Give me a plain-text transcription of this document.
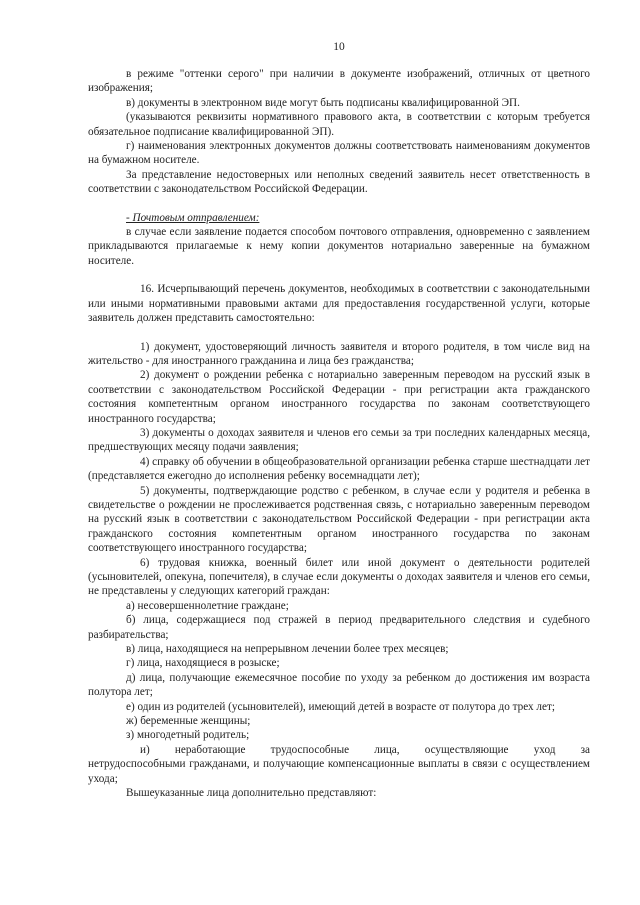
10

в режиме "оттенки серого" при наличии в документе изображений, отличных от цветного изображения;

в) документы в электронном виде могут быть подписаны квалифицированной ЭП.

(указываются реквизиты нормативного правового акта, в соответствии с которым требуется обязательное подписание квалифицированной ЭП).

г) наименования электронных документов должны соответствовать наименованиям документов на бумажном носителе.

За представление недостоверных или неполных сведений заявитель несет ответственность в соответствии с законодательством Российской Федерации.

- Почтовым отправлением:

в случае если заявление подается способом почтового отправления, одновременно с заявлением прикладываются прилагаемые к нему копии документов нотариально заверенные на бумажном носителе.

16. Исчерпывающий перечень документов, необходимых в соответствии с законодательными или иными нормативными правовыми актами для предоставления государственной услуги, которые заявитель должен представить самостоятельно:

1) документ, удостоверяющий личность заявителя и второго родителя, в том числе вид на жительство - для иностранного гражданина и лица без гражданства;

2) документ о рождении ребенка с нотариально заверенным переводом на русский язык в соответствии с законодательством Российской Федерации - при регистрации акта гражданского состояния компетентным органом иностранного государства по законам соответствующего иностранного государства;

3) документы о доходах заявителя и членов его семьи за три последних календарных месяца, предшествующих месяцу подачи заявления;

4) справку об обучении в общеобразовательной организации ребенка старше шестнадцати лет (представляется ежегодно до исполнения ребенку восемнадцати лет);

5) документы, подтверждающие родство с ребенком, в случае если у родителя и ребенка в свидетельстве о рождении не прослеживается родственная связь, с нотариально заверенным переводом на русский язык в соответствии с законодательством Российской Федерации - при регистрации акта гражданского состояния компетентным органом иностранного государства по законам соответствующего иностранного государства;

6) трудовая книжка, военный билет или иной документ о деятельности родителей (усыновителей, опекуна, попечителя), в случае если документы о доходах заявителя и членов его семьи, не представлены у следующих категорий граждан:

а) несовершеннолетние граждане;

б) лица, содержащиеся под стражей в период предварительного следствия и судебного разбирательства;

в) лица, находящиеся на непрерывном лечении более трех месяцев;

г) лица, находящиеся в розыске;

д) лица, получающие ежемесячное пособие по уходу за ребенком до достижения им возраста полутора лет;

е) один из родителей (усыновителей), имеющий детей в возрасте от полутора до трех лет;

ж) беременные женщины;

з) многодетный родитель;

и) неработающие трудоспособные лица, осуществляющие уход за

нетрудоспособными гражданами, и получающие компенсационные выплаты в связи с осуществлением ухода;

Вышеуказанные лица дополнительно представляют:
